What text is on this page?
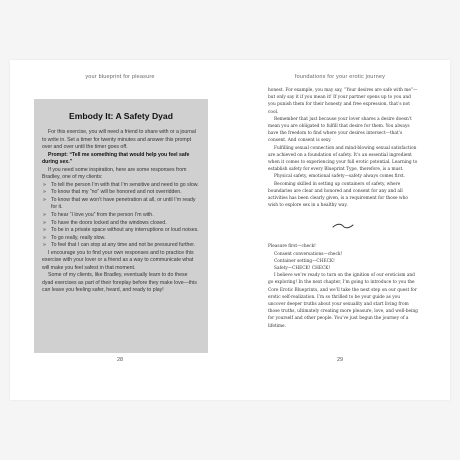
your blueprint for pleasure
Embody It: A Safety Dyad

For this exercise, you will need a friend to share with or a journal to write in. Set a timer for twenty minutes and answer this prompt over and over until the timer goes off.

Prompt: “Tell me something that would help you feel safe during sex.”

If you need some inspiration, here are some responses from Bradley, one of my clients:

» To tell the person I’m with that I’m sensitive and need to go slow.
» To know that my “no” will be honored and not overridden.
» To know that we won’t have penetration at all, or until I’m ready for it.
» To hear “I love you” from the person I’m with.
» To have the doors locked and the windows closed.
» To be in a private space without any interruptions or loud noises.
» To go really, really slow.
» To feel that I can stop at any time and not be pressured further.

I encourage you to find your own responses and to practice this exercise with your lover or a friend as a way to communicate what will make you feel safest in that moment.

Some of my clients, like Bradley, eventually learn to do these dyad exercises as part of their foreplay before they make love—this can leave you feeling safer, heard, and ready to play!

28
foundations for your erotic journey

honest. For example, you may say, “Your desires are safe with me”—but only say it if you mean it! If your partner opens up to you and you punish them for their honesty and free expression, that’s not cool.

Remember that just because your lover shares a desire doesn’t mean you are obligated to fulfill that desire for them. You always have the freedom to find where your desires intersect—that’s consent. And consent is sexy.

Fulfilling sexual connection and mind-blowing sexual satisfaction are achieved on a foundation of safety. It’s an essential ingredient when it comes to experiencing your full erotic potential. Learning to establish safety for every Blueprint Type, therefore, is a must.

Physical safety, emotional safety—safety always comes first.

Becoming skilled in setting up containers of safety, where boundaries are clear and honored and consent for any and all activities has been clearly given, is a requirement for those who wish to explore sex in a healthy way.

Pleasure first—check!

Consent conversations—check!

Container setting—CHECK!

Safety—CHECK! CHECK!

I believe we’re ready to turn on the ignition of our eroticism and go exploring! In the next chapter, I’m going to introduce to you the Core Erotic Blueprints, and we’ll take the next step on our quest for erotic self-realization. I’m so thrilled to be your guide as you uncover deeper truths about your sexuality and start living from those truths, ultimately creating more pleasure, love, and well-being for yourself and other people. You’ve just begun the journey of a lifetime.

29
